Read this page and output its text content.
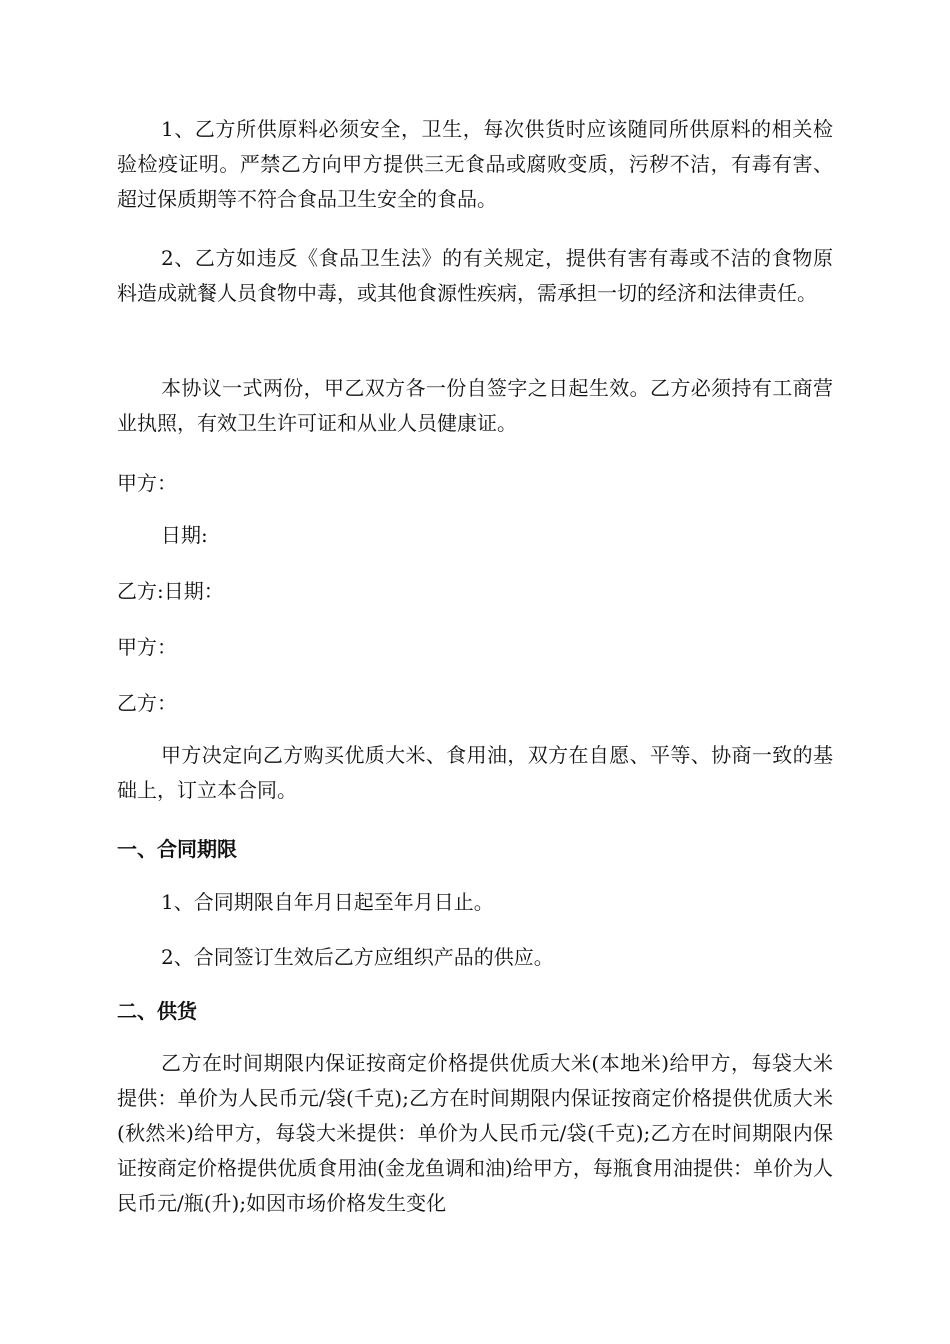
1、乙方所供原料必须安全，卫生，每次供货时应该随同所供原料的相关检验检疫证明。严禁乙方向甲方提供三无食品或腐败变质，污秽不洁，有毒有害、超过保质期等不符合食品卫生安全的食品。

2、乙方如违反《食品卫生法》的有关规定，提供有害有毒或不洁的食物原料造成就餐人员食物中毒，或其他食源性疾病，需承担一切的经济和法律责任。

本协议一式两份，甲乙双方各一份自签字之日起生效。乙方必须持有工商营业执照，有效卫生许可证和从业人员健康证。

甲方：

日期:

乙方:日期：

甲方：

乙方：

甲方决定向乙方购买优质大米、食用油，双方在自愿、平等、协商一致的基础上，订立本合同。

一、合同期限

1、合同期限自年月日起至年月日止。

2、合同签订生效后乙方应组织产品的供应。

二、供货

乙方在时间期限内保证按商定价格提供优质大米(本地米)给甲方，每袋大米提供：单价为人民币元/袋(千克);乙方在时间期限内保证按商定价格提供优质大米(秋然米)给甲方，每袋大米提供：单价为人民币元/袋(千克);乙方在时间期限内保证按商定价格提供优质食用油(金龙鱼调和油)给甲方，每瓶食用油提供：单价为人民币元/瓶(升);如因市场价格发生变化
